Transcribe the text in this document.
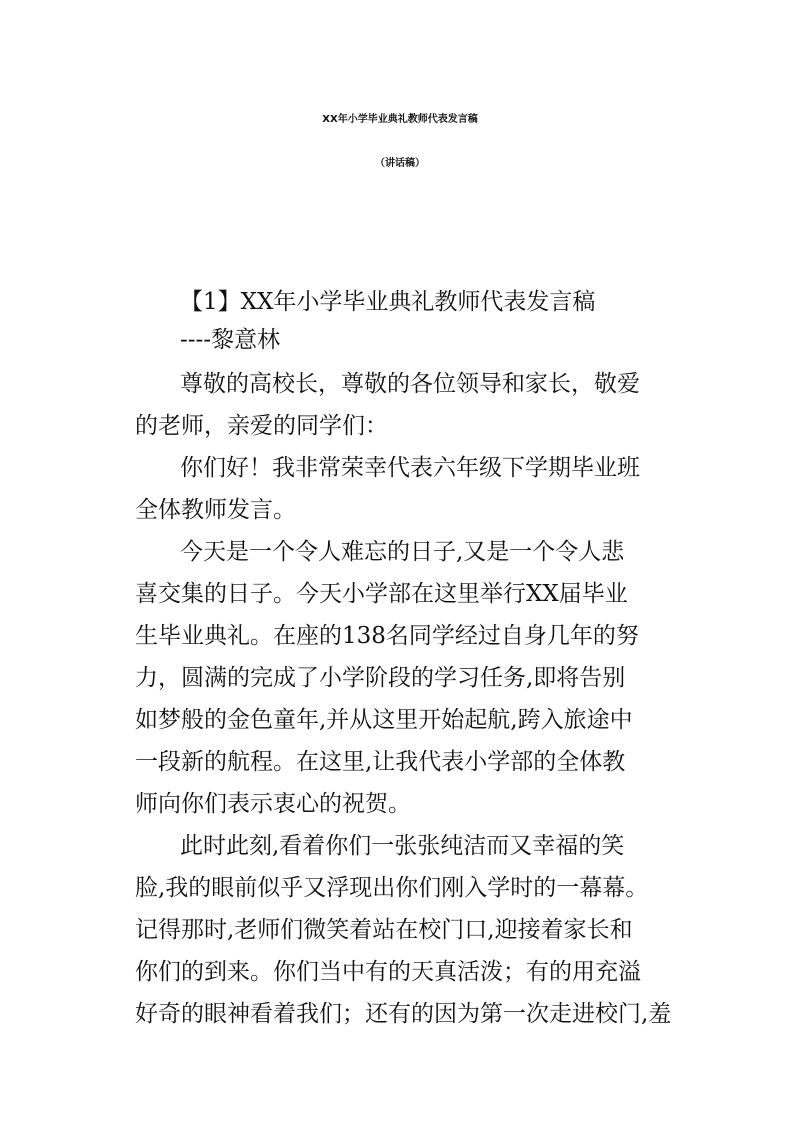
XX年小学毕业典礼教师代表发言稿
（讲话稿）
【1】XX年小学毕业典礼教师代表发言稿
----黎意林
尊敬的高校长，尊敬的各位领导和家长，敬爱
的老师，亲爱的同学们：
你们好！我非常荣幸代表六年级下学期毕业班
全体教师发言。
今天是一个令人难忘的日子,又是一个令人悲
喜交集的日子。今天小学部在这里举行XX届毕业
生毕业典礼。在座的138名同学经过自身几年的努
力，圆满的完成了小学阶段的学习任务,即将告别
如梦般的金色童年,并从这里开始起航,跨入旅途中
一段新的航程。在这里,让我代表小学部的全体教
师向你们表示衷心的祝贺。
此时此刻,看着你们一张张纯洁而又幸福的笑
脸,我的眼前似乎又浮现出你们刚入学时的一幕幕。
记得那时,老师们微笑着站在校门口,迎接着家长和
你们的到来。你们当中有的天真活泼；有的用充溢
好奇的眼神看着我们；还有的因为第一次走进校门,羞
